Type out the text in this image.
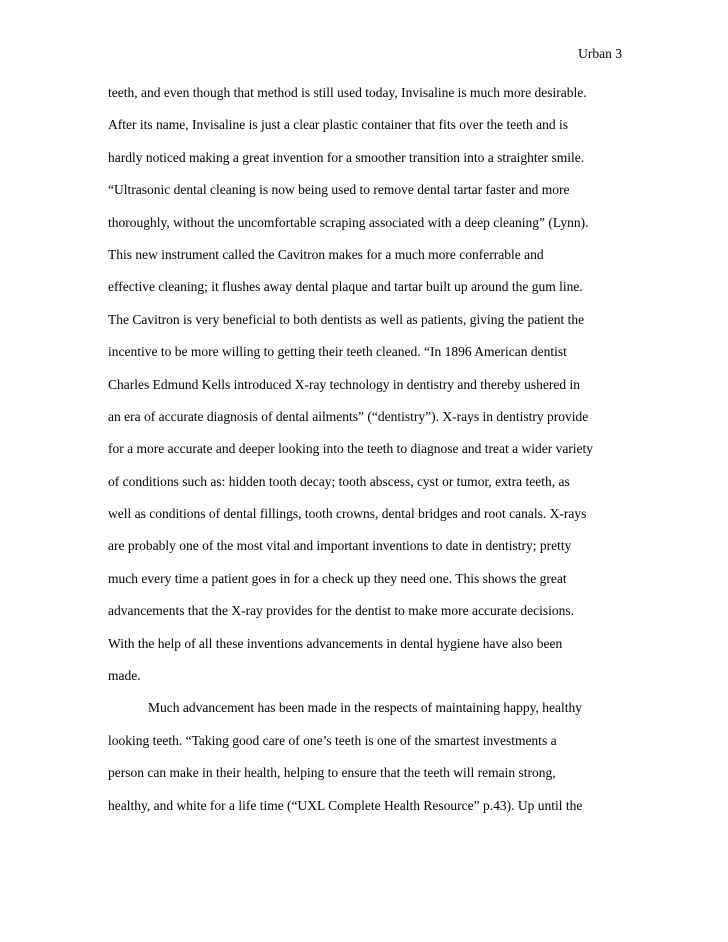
Urban 3
teeth, and even though that method is still used today, Invisaline is much more desirable.
After its name, Invisaline is just a clear plastic container that fits over the teeth and is
hardly noticed making a great invention for a smoother transition into a straighter smile.
“Ultrasonic dental cleaning is now being used to remove dental tartar faster and more
thoroughly, without the uncomfortable scraping associated with a deep cleaning” (Lynn).
This new instrument called the Cavitron makes for a much more conferrable and
effective cleaning; it flushes away dental plaque and tartar built up around the gum line.
The Cavitron is very beneficial to both dentists as well as patients, giving the patient the
incentive to be more willing to getting their teeth cleaned. “In 1896 American dentist
Charles Edmund Kells introduced X-ray technology in dentistry and thereby ushered in
an era of accurate diagnosis of dental ailments” (“dentistry”). X-rays in dentistry provide
for a more accurate and deeper looking into the teeth to diagnose and treat a wider variety
of conditions such as: hidden tooth decay; tooth abscess, cyst or tumor, extra teeth, as
well as conditions of dental fillings, tooth crowns, dental bridges and root canals. X-rays
are probably one of the most vital and important inventions to date in dentistry; pretty
much every time a patient goes in for a check up they need one. This shows the great
advancements that the X-ray provides for the dentist to make more accurate decisions.
With the help of all these inventions advancements in dental hygiene have also been
made.
Much advancement has been made in the respects of maintaining happy, healthy
looking teeth. “Taking good care of one’s teeth is one of the smartest investments a
person can make in their health, helping to ensure that the teeth will remain strong,
healthy, and white for a life time (“UXL Complete Health Resource” p.43). Up until the
